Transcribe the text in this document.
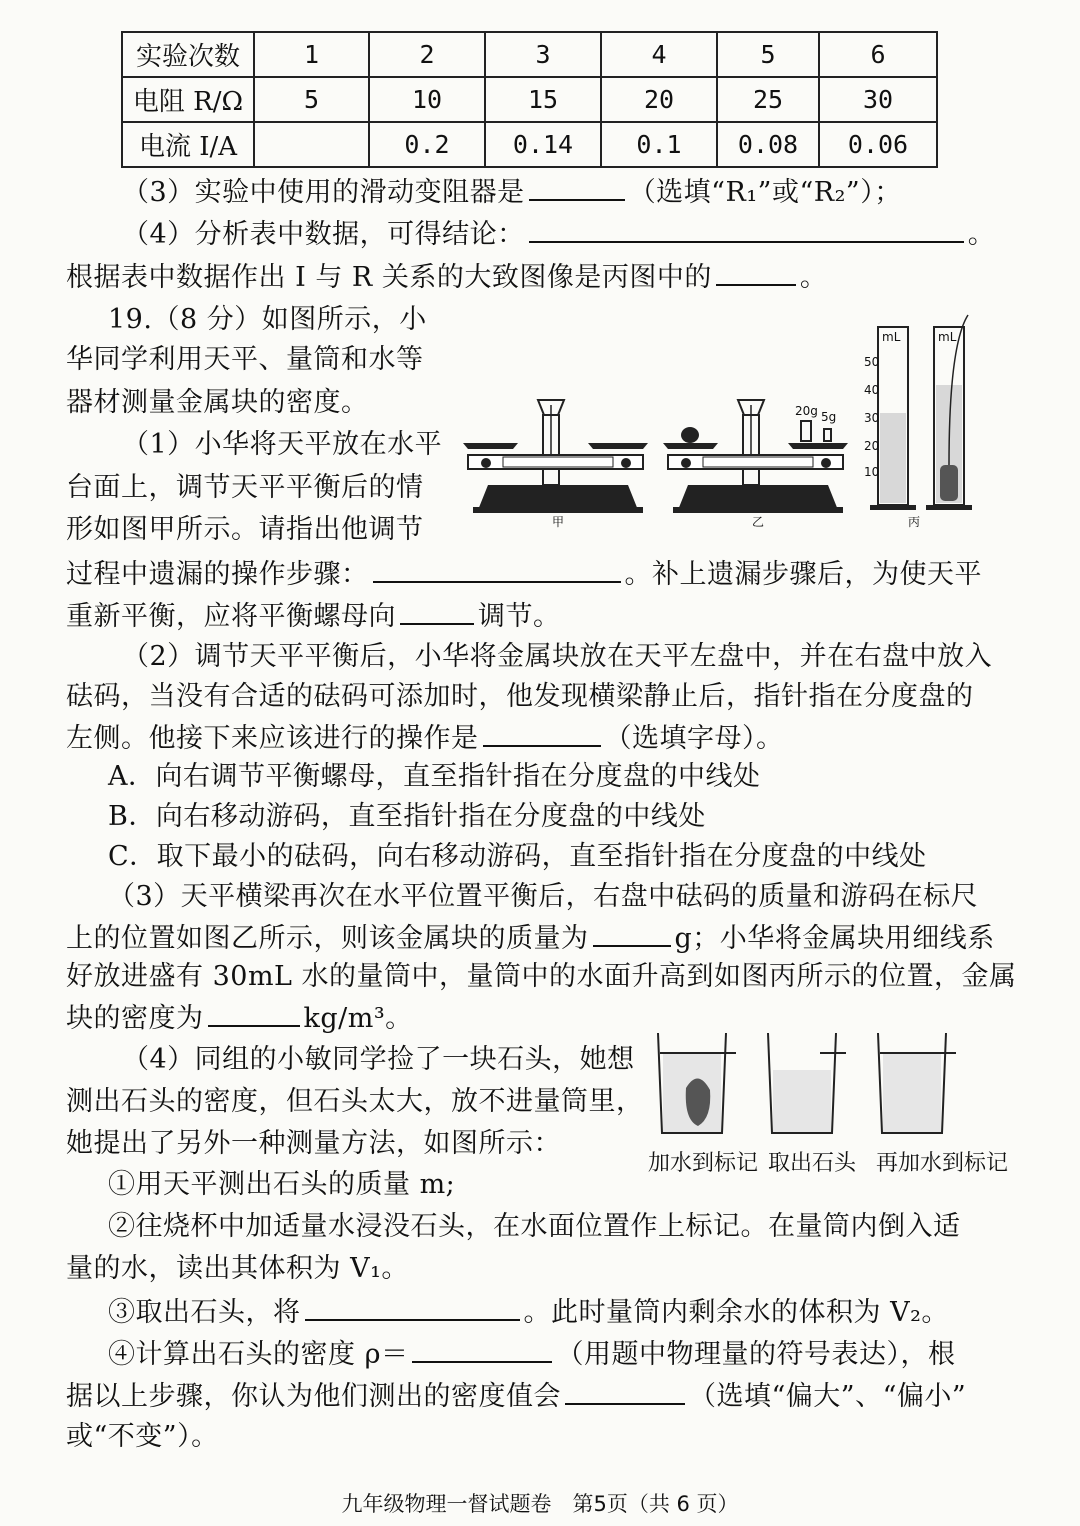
实验次数	1	2	3	4	5	6
电阻 R/Ω	5	10	15	20	25	30
电流 I/A		0.2	0.14	0.1	0.08	0.06
（3）实验中使用的滑动变阻器是	（选填“R₁”或“R₂”）；
（4）分析表中数据，可得结论：	。
根据表中数据作出 I 与 R 关系的大致图像是丙图中的	。
19.（8 分）如图所示，小
华同学利用天平、量筒和水等
器材测量金属块的密度。
（1）小华将天平放在水平
台面上，调节天平平衡后的情
形如图甲所示。请指出他调节
过程中遗漏的操作步骤：	。补上遗漏步骤后，为使天平
重新平衡，应将平衡螺母向	调节。
甲	乙
20g 5g
mL	mL
50
40
30
20
10
丙
（2）调节天平平衡后，小华将金属块放在天平左盘中，并在右盘中放入
砝码，当没有合适的砝码可添加时，他发现横梁静止后，指针指在分度盘的
左侧。他接下来应该进行的操作是	（选填字母）。
A．向右调节平衡螺母，直至指针指在分度盘的中线处
B．向右移动游码，直至指针指在分度盘的中线处
C．取下最小的砝码，向右移动游码，直至指针指在分度盘的中线处
（3）天平横梁再次在水平位置平衡后，右盘中砝码的质量和游码在标尺
上的位置如图乙所示，则该金属块的质量为	g；小华将金属块用细线系
好放进盛有 30mL 水的量筒中，量筒中的水面升高到如图丙所示的位置，金属
块的密度为	kg/m³。
（4）同组的小敏同学捡了一块石头，她想
测出石头的密度，但石头太大，放不进量筒里，
她提出了另外一种测量方法，如图所示：
加水到标记 取出石头 再加水到标记
①用天平测出石头的质量 m;
②往烧杯中加适量水浸没石头，在水面位置作上标记。在量筒内倒入适
量的水，读出其体积为 V₁。
③取出石头，将	。此时量筒内剩余水的体积为 V₂。
④计算出石头的密度 ρ＝	（用题中物理量的符号表达），根
据以上步骤，你认为他们测出的密度值会	（选填“偏大”、“偏小”
或“不变”）。
九年级物理一督试题卷　第5页（共 6 页）
